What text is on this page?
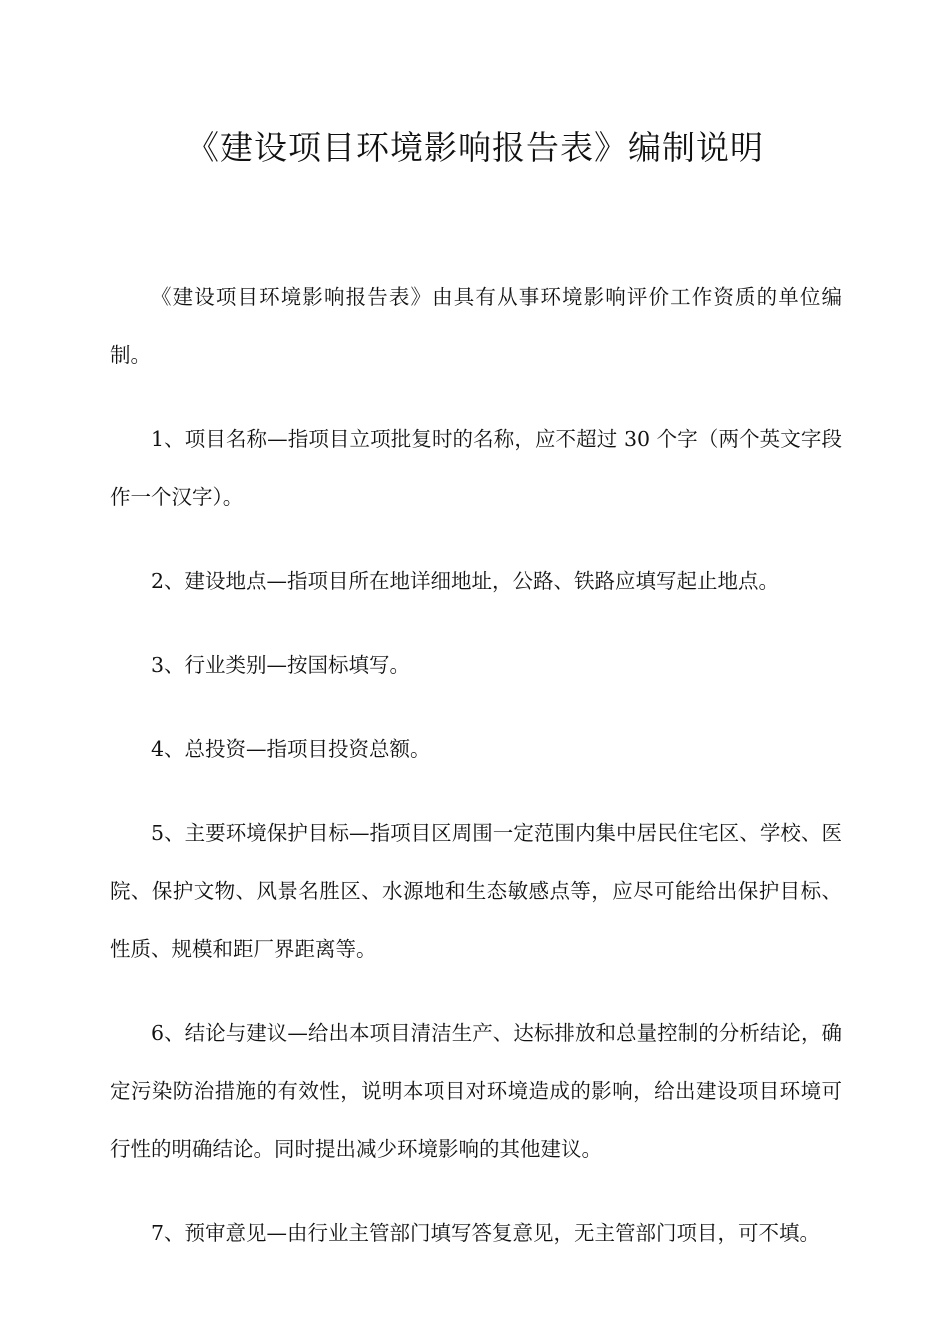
《建设项目环境影响报告表》编制说明

《建设项目环境影响报告表》由具有从事环境影响评价工作资质的单位编制。

1、项目名称—指项目立项批复时的名称，应不超过 30 个字（两个英文字段作一个汉字）。

2、建设地点—指项目所在地详细地址，公路、铁路应填写起止地点。

3、行业类别—按国标填写。

4、总投资—指项目投资总额。

5、主要环境保护目标—指项目区周围一定范围内集中居民住宅区、学校、医院、保护文物、风景名胜区、水源地和生态敏感点等，应尽可能给出保护目标、性质、规模和距厂界距离等。

6、结论与建议—给出本项目清洁生产、达标排放和总量控制的分析结论，确定污染防治措施的有效性，说明本项目对环境造成的影响，给出建设项目环境可行性的明确结论。同时提出减少环境影响的其他建议。

7、预审意见—由行业主管部门填写答复意见，无主管部门项目，可不填。
